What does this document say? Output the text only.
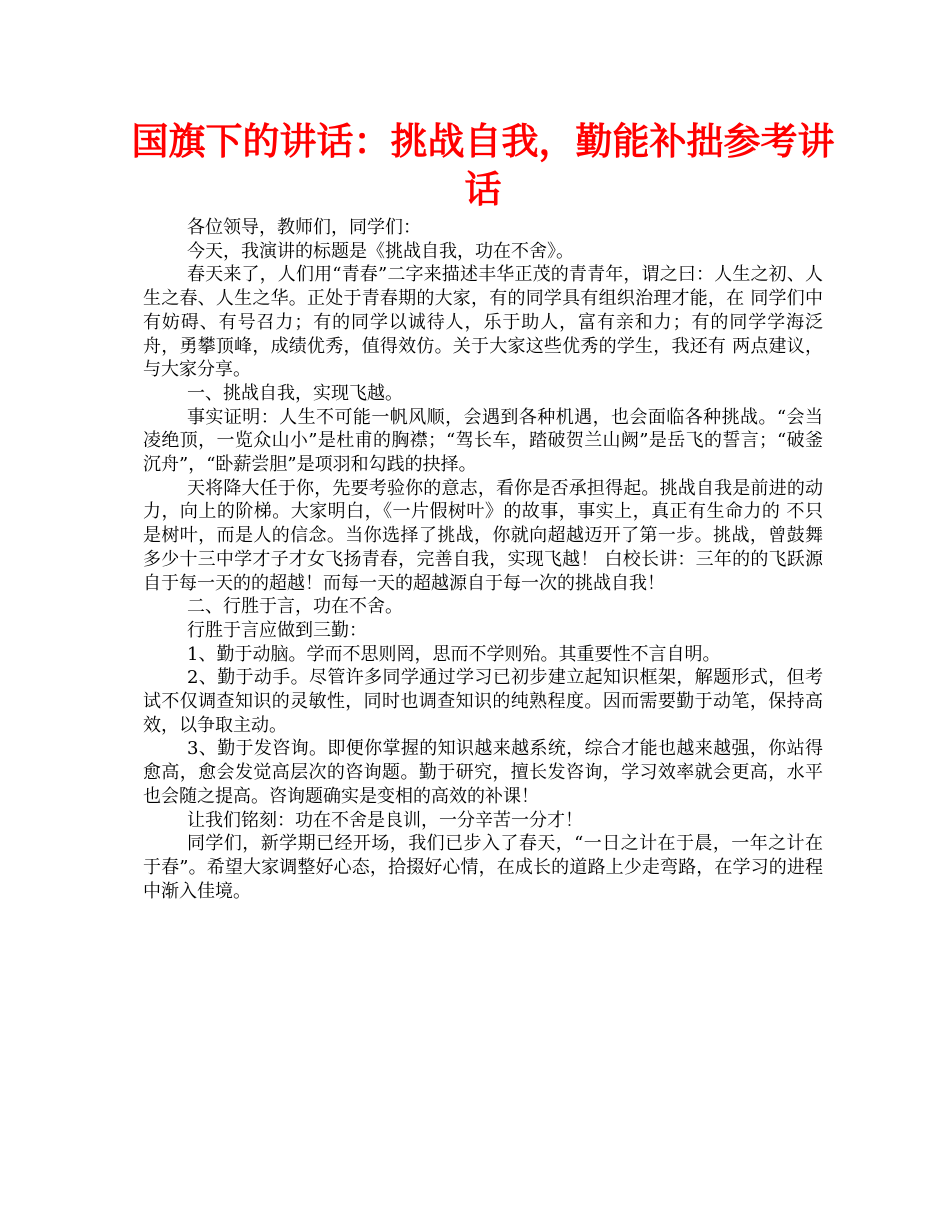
国旗下的讲话：挑战自我，勤能补拙参考讲话

各位领导，教师们，同学们：

今天，我演讲的标题是《挑战自我，功在不舍》。

春天来了，人们用“青春”二字来描述丰华正茂的青青年，谓之曰：人生之初、人生之春、人生之华。正处于青春期的大家，有的同学具有组织治理才能，在 同学们中有妨碍、有号召力；有的同学以诚待人，乐于助人，富有亲和力；有的同学学海泛舟，勇攀顶峰，成绩优秀，值得效仿。关于大家这些优秀的学生，我还有 两点建议，与大家分享。

一、挑战自我，实现飞越。

事实证明：人生不可能一帆风顺，会遇到各种机遇，也会面临各种挑战。“会当凌绝顶，一览众山小”是杜甫的胸襟；“驾长车，踏破贺兰山阙”是岳飞的誓言；“破釜沉舟”，“卧薪尝胆”是项羽和勾践的抉择。

天将降大任于你，先要考验你的意志，看你是否承担得起。挑战自我是前进的动力，向上的阶梯。大家明白，《一片假树叶》的故事，事实上，真正有生命力的 不只是树叶，而是人的信念。当你选择了挑战，你就向超越迈开了第一步。挑战，曾鼓舞多少十三中学才子才女飞扬青春，完善自我，实现飞越！ 白校长讲：三年的的飞跃源自于每一天的的超越！而每一天的超越源自于每一次的挑战自我！

二、行胜于言，功在不舍。

行胜于言应做到三勤：

1、勤于动脑。学而不思则罔，思而不学则殆。其重要性不言自明。

2、勤于动手。尽管许多同学通过学习已初步建立起知识框架，解题形式，但考试不仅调查知识的灵敏性，同时也调查知识的纯熟程度。因而需要勤于动笔，保持高效，以争取主动。

3、勤于发咨询。即便你掌握的知识越来越系统，综合才能也越来越强，你站得愈高，愈会发觉高层次的咨询题。勤于研究，擅长发咨询，学习效率就会更高，水平也会随之提高。咨询题确实是变相的高效的补课！

让我们铭刻：功在不舍是良训，一分辛苦一分才！

同学们，新学期已经开场，我们已步入了春天，“一日之计在于晨，一年之计在于春”。希望大家调整好心态，拾掇好心情，在成长的道路上少走弯路，在学习的进程中渐入佳境。
